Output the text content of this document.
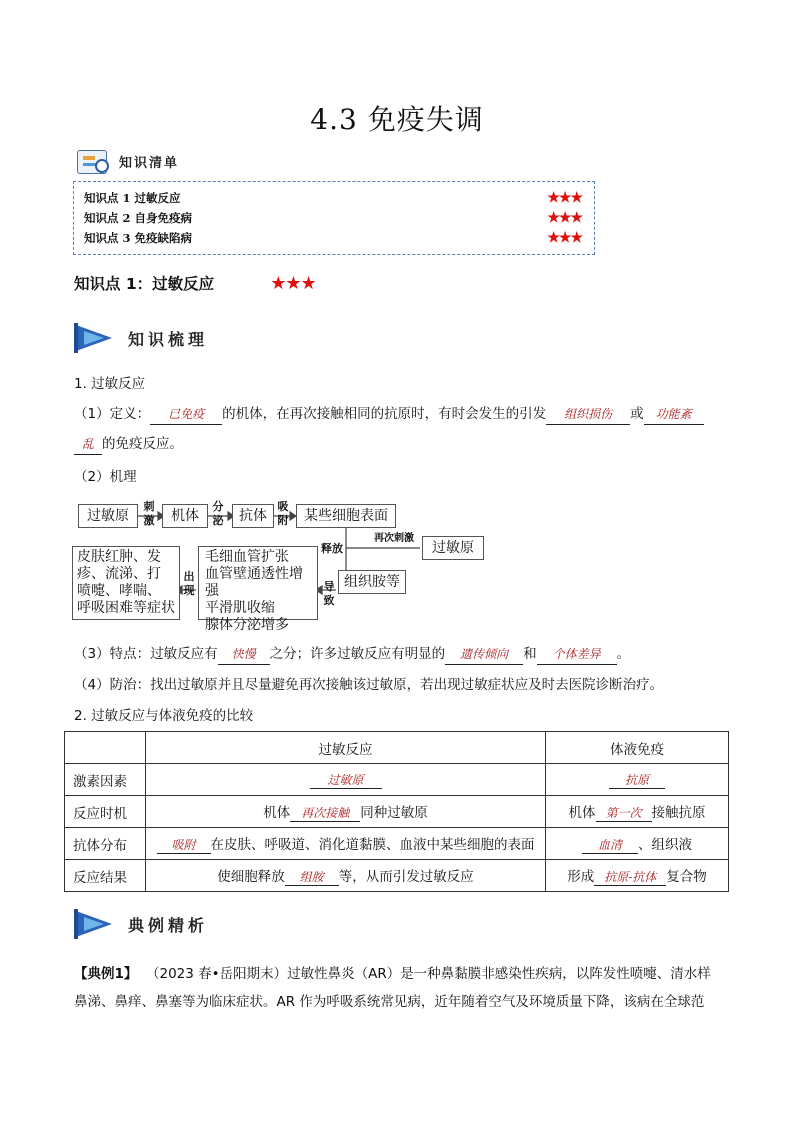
4.3 免疫失调
知识清单
知识点 1 过敏反应	★★★
知识点 2 自身免疫病	★★★
知识点 3 免疫缺陷病	★★★
知识点 1：过敏反应	★★★
知识梳理
1. 过敏反应
（1）定义： 已免疫 的机体，在再次接触相同的抗原时，有时会发生的引发 组织损伤 或 功能紊
乱 的免疫反应。
（2）机理
过敏原
刺激	机体
分泌	抗体
吸附	某些细胞表面
再次刺激
过敏原
释放
组织胺等
导致
毛细血管扩张
血管壁通透性增强
平滑肌收缩
腺体分泌增多
出现
皮肤红肿、发
疹、流涕、打
喷嚏、哮喘、
呼吸困难等症状
（3）特点：过敏反应有 快慢 之分；许多过敏反应有明显的 遗传倾向 和 个体差异 。
（4）防治：找出过敏原并且尽量避免再次接触该过敏原，若出现过敏症状应及时去医院诊断治疗。
2. 过敏反应与体液免疫的比较
	过敏反应	体液免疫
激素因素	过敏原	抗原
反应时机	机体 再次接触 同种过敏原	机体 第一次 接触抗原
抗体分布	吸附 在皮肤、呼吸道、消化道黏膜、血液中某些细胞的表面	血清 、组织液
反应结果	使细胞释放 组胺 等，从而引发过敏反应	形成 抗原-抗体 复合物
典例精析
【典例1】 （2023 春•岳阳期末）过敏性鼻炎（AR）是一种鼻黏膜非感染性疾病，以阵发性喷嚏、清水样
鼻涕、鼻痒、鼻塞等为临床症状。AR 作为呼吸系统常见病，近年随着空气及环境质量下降，该病在全球范
